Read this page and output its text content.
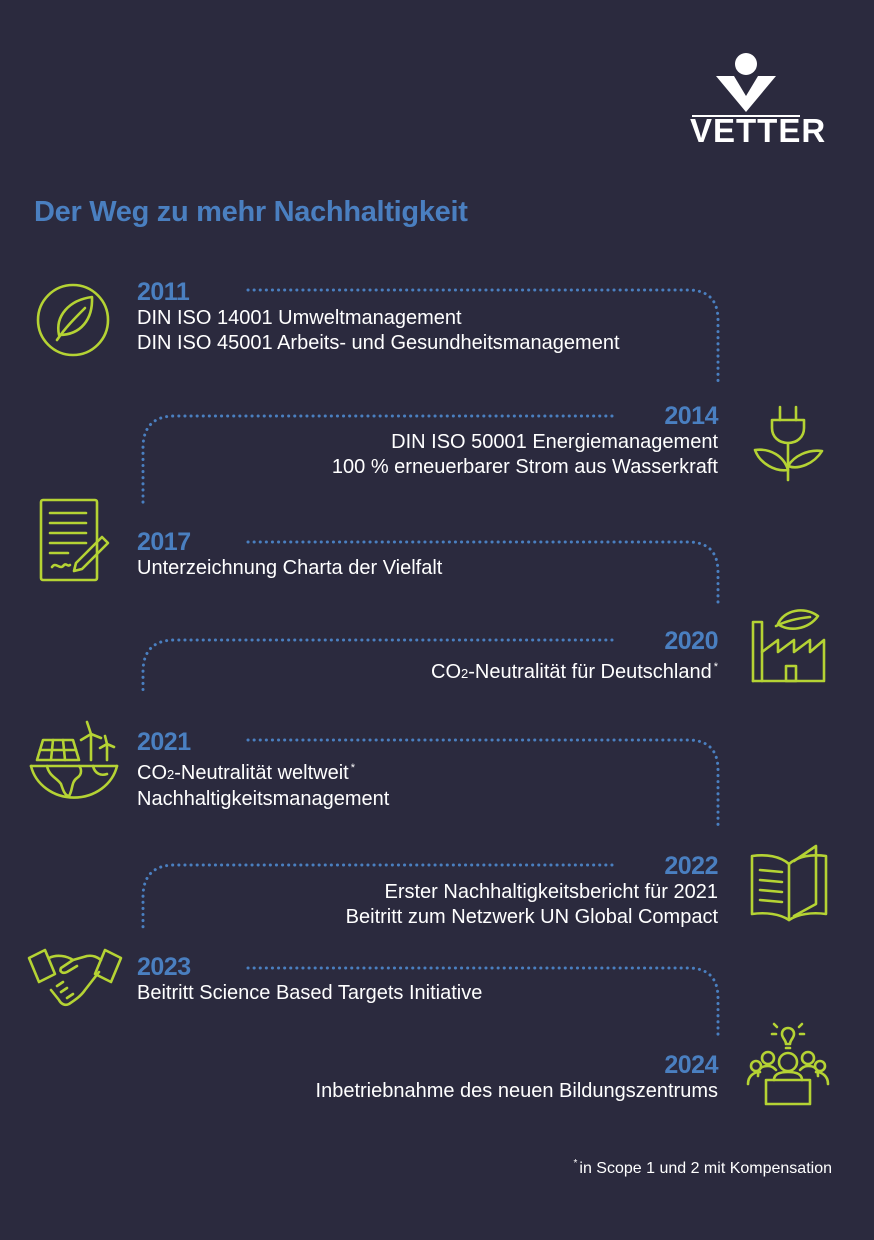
VETTER
Der Weg zu mehr Nachhaltigkeit
2011
DIN ISO 14001 Umweltmanagement
DIN ISO 45001 Arbeits- und Gesundheitsmanagement
2014
DIN ISO 50001 Energiemanagement
100 % erneuerbarer Strom aus Wasserkraft
2017
Unterzeichnung Charta der Vielfalt
2020
CO2-Neutralität für Deutschland *
2021
CO2-Neutralität weltweit *
Nachhaltigkeitsmanagement
2022
Erster Nachhaltigkeitsbericht für 2021
Beitritt zum Netzwerk UN Global Compact
2023
Beitritt Science Based Targets Initiative
2024
Inbetriebnahme des neuen Bildungszentrums
* in Scope 1 und 2 mit Kompensation
